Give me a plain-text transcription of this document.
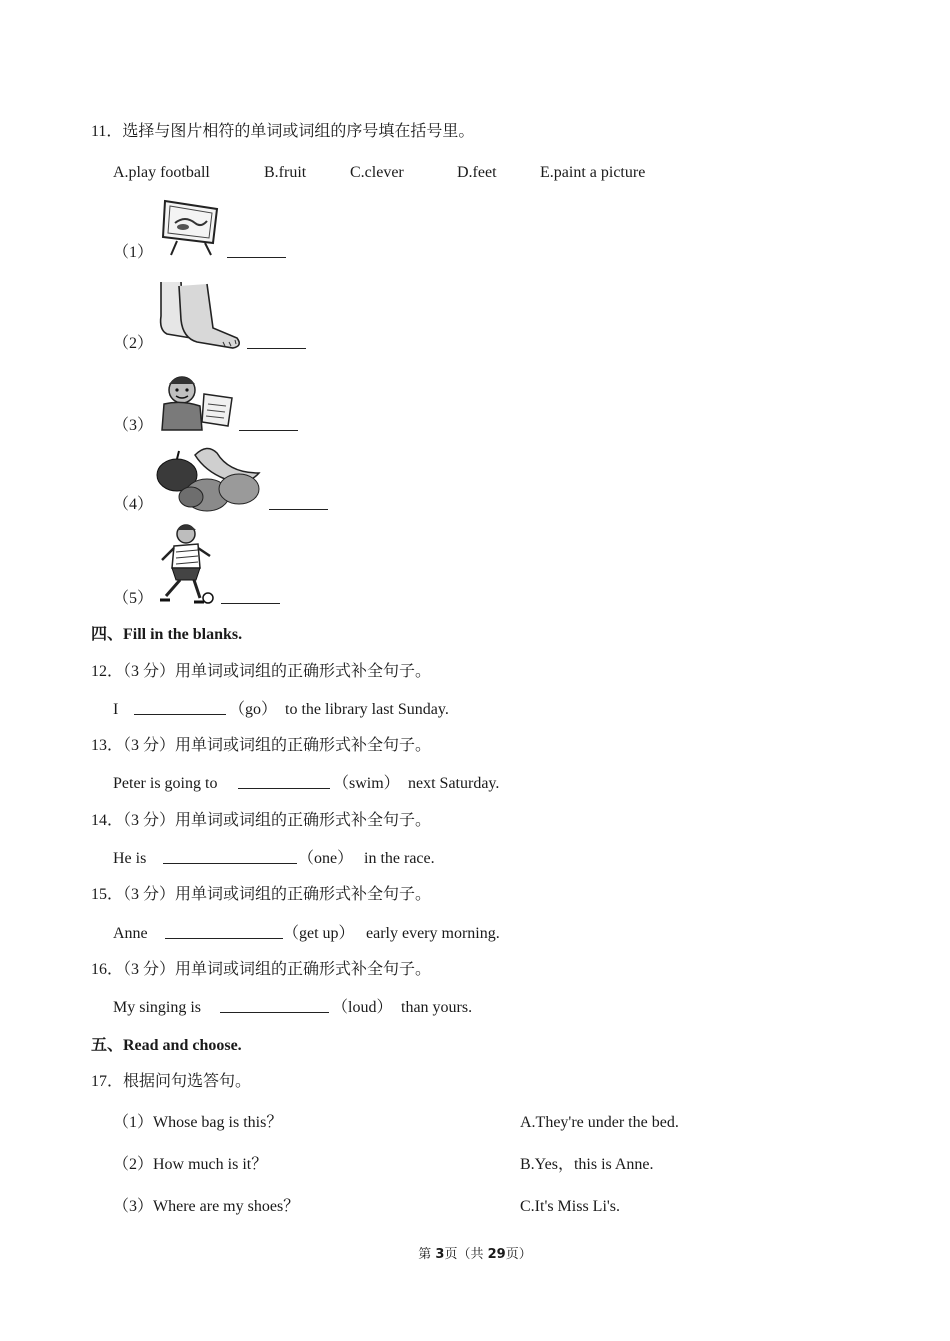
11．选择与图片相符的单词或词组的序号填在括号里。
A.play football	B.fruit	C.clever	D.feet	E.paint a picture
（1）
（2）
（3）
（4）
（5）
四、Fill in the blanks.
12．（3 分）用单词或词组的正确形式补全句子。
I	（go） to the library last Sunday.
13．（3 分）用单词或词组的正确形式补全句子。
Peter is going to	（swim） next Saturday.
14．（3 分）用单词或词组的正确形式补全句子。
He is	（one） in the race.
15．（3 分）用单词或词组的正确形式补全句子。
Anne	（get up） early every morning.
16．（3 分）用单词或词组的正确形式补全句子。
My singing is	（loud） than yours.
五、Read and choose.
17．根据问句选答句。
（1）Whose bag is this？	A.They're under the bed.
（2）How much is it？	B.Yes，this is Anne.
（3）Where are my shoes？	C.It's Miss Li's.
第 3页（共 29页）
